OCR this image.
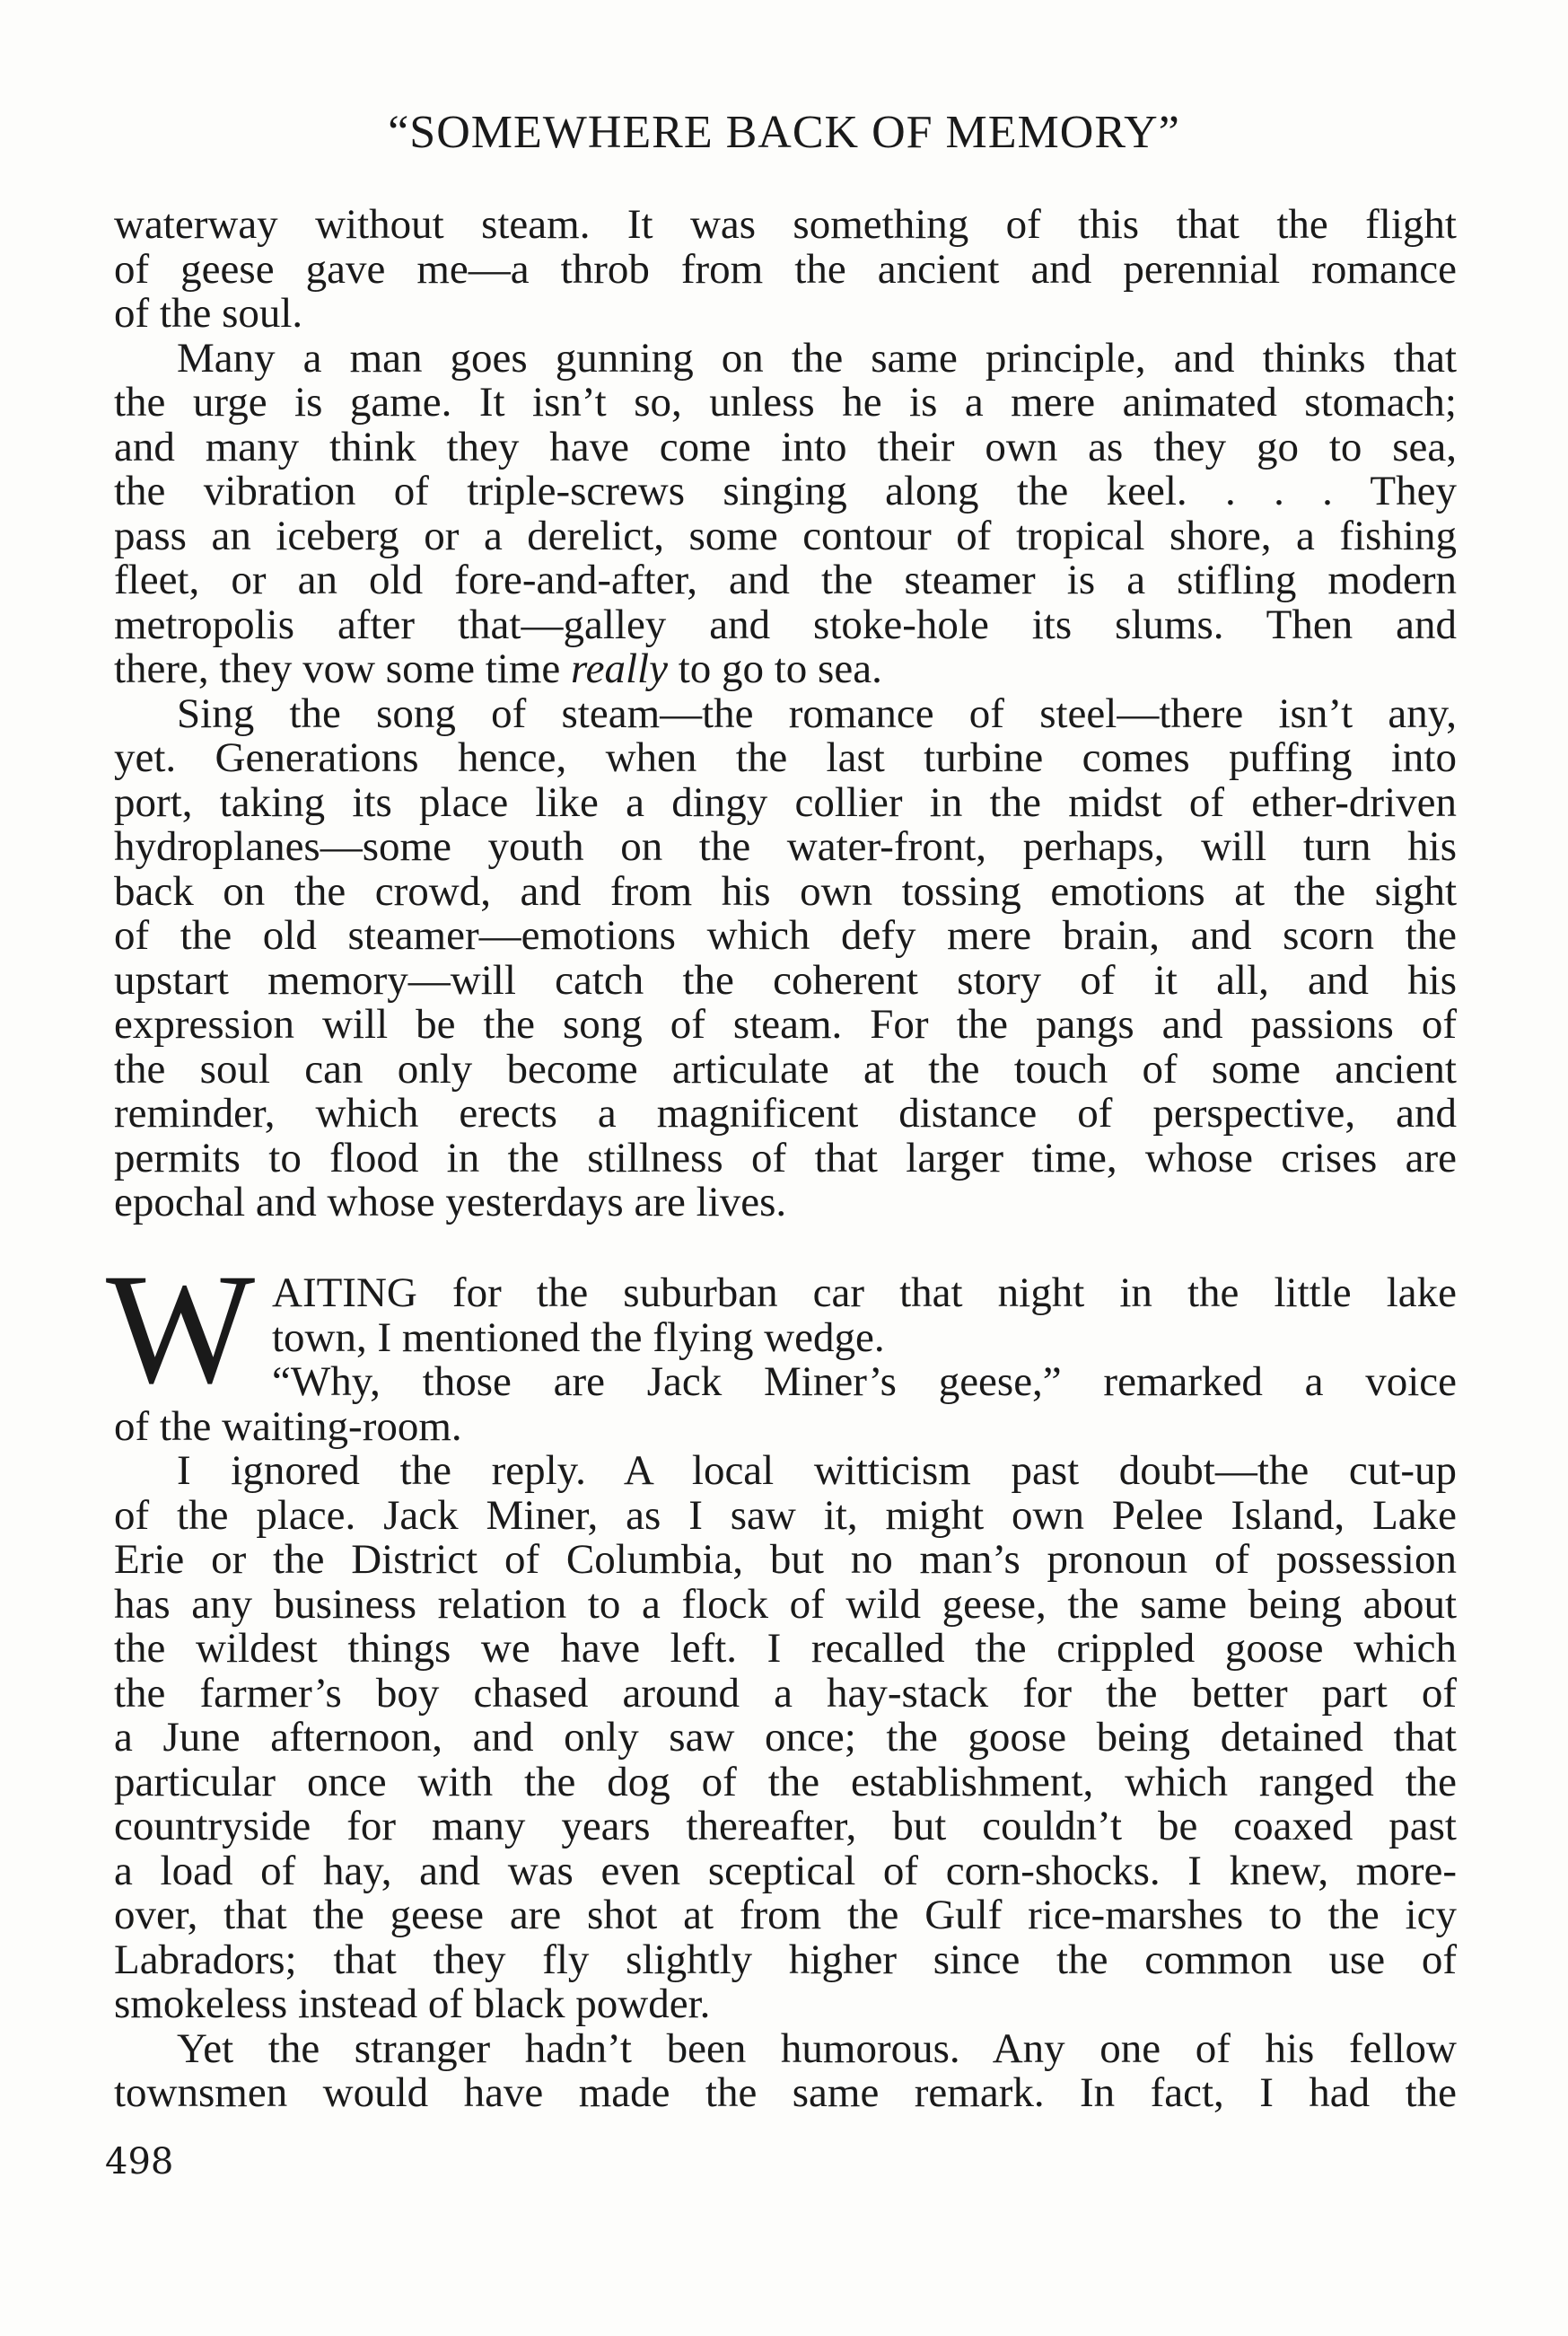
“SOMEWHERE BACK OF MEMORY”
waterway without steam. It was something of this that the flight
of geese gave me—a throb from the ancient and perennial romance
of the soul.
Many a man goes gunning on the same principle, and thinks that
the urge is game. It isn’t so, unless he is a mere animated stomach;
and many think they have come into their own as they go to sea,
the vibration of triple-screws singing along the keel. . . . They
pass an iceberg or a derelict, some contour of tropical shore, a fishing
fleet, or an old fore-and-after, and the steamer is a stifling modern
metropolis after that—galley and stoke-hole its slums. Then and
there, they vow some time really to go to sea.
Sing the song of steam—the romance of steel—there isn’t any,
yet. Generations hence, when the last turbine comes puffing into
port, taking its place like a dingy collier in the midst of ether-driven
hydroplanes—some youth on the water-front, perhaps, will turn his
back on the crowd, and from his own tossing emotions at the sight
of the old steamer—emotions which defy mere brain, and scorn the
upstart memory—will catch the coherent story of it all, and his
expression will be the song of steam. For the pangs and passions of
the soul can only become articulate at the touch of some ancient
reminder, which erects a magnificent distance of perspective, and
permits to flood in the stillness of that larger time, whose crises are
epochal and whose yesterdays are lives.
W AITING for the suburban car that night in the little lake
town, I mentioned the flying wedge.
“Why, those are Jack Miner’s geese,” remarked a voice
of the waiting-room.
I ignored the reply. A local witticism past doubt—the cut-up
of the place. Jack Miner, as I saw it, might own Pelee Island, Lake
Erie or the District of Columbia, but no man’s pronoun of possession
has any business relation to a flock of wild geese, the same being about
the wildest things we have left. I recalled the crippled goose which
the farmer’s boy chased around a hay-stack for the better part of
a June afternoon, and only saw once; the goose being detained that
particular once with the dog of the establishment, which ranged the
countryside for many years thereafter, but couldn’t be coaxed past
a load of hay, and was even sceptical of corn-shocks. I knew, more-
over, that the geese are shot at from the Gulf rice-marshes to the icy
Labradors; that they fly slightly higher since the common use of
smokeless instead of black powder.
Yet the stranger hadn’t been humorous. Any one of his fellow
townsmen would have made the same remark. In fact, I had the
498
